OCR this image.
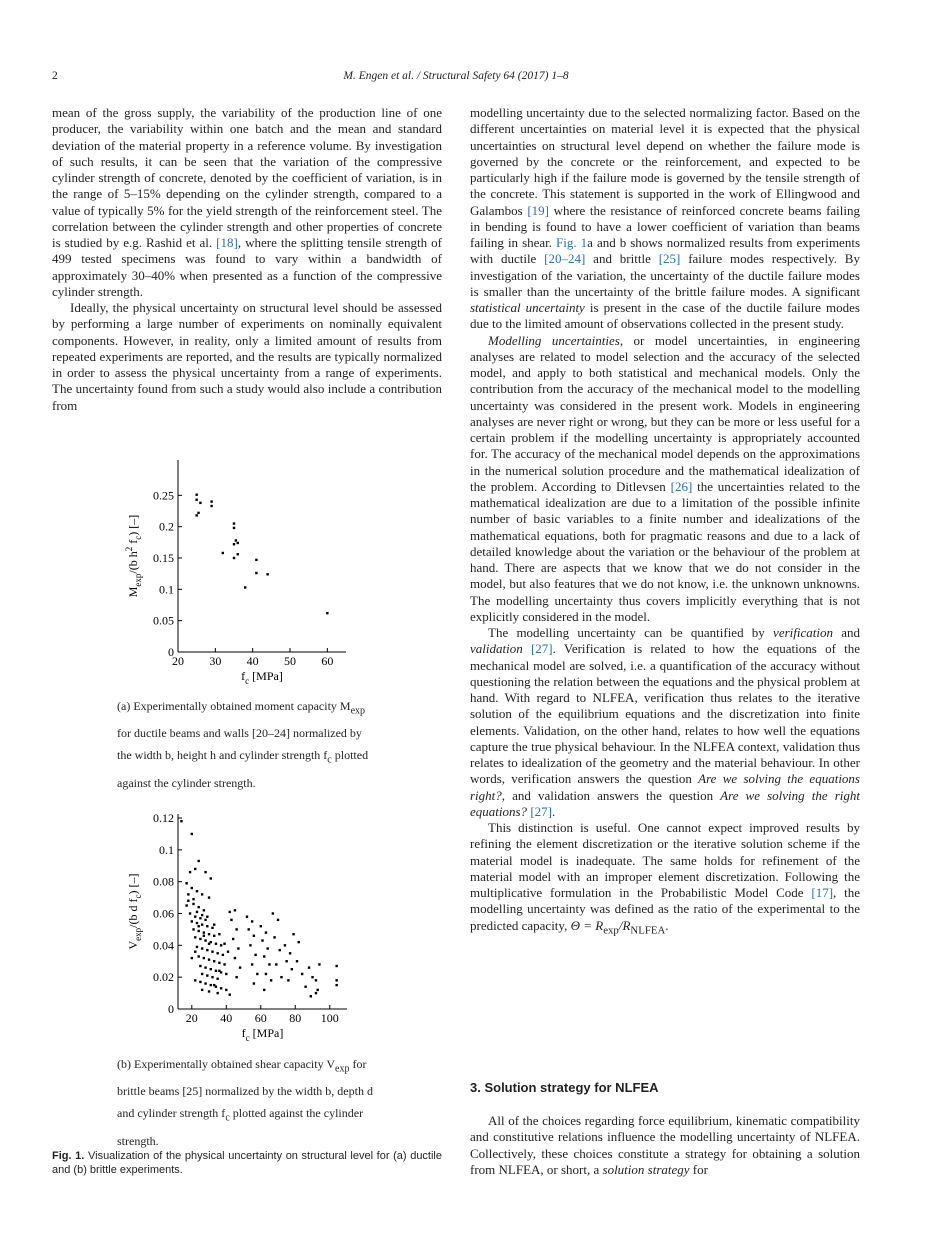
2	M. Engen et al. / Structural Safety 64 (2017) 1–8

mean of the gross supply, the variability of the production line of one producer, the variability within one batch and the mean and standard deviation of the material property in a reference volume. By investigation of such results, it can be seen that the variation of the compressive cylinder strength of concrete, denoted by the coefficient of variation, is in the range of 5–15% depending on the cylinder strength, compared to a value of typically 5% for the yield strength of the reinforcement steel. The correlation between the cylinder strength and other properties of concrete is studied by e.g. Rashid et al. [18], where the splitting tensile strength of 499 tested specimens was found to vary within a bandwidth of approximately 30–40% when presented as a function of the compressive cylinder strength.

Ideally, the physical uncertainty on structural level should be assessed by performing a large number of experiments on nominally equivalent components. However, in reality, only a limited amount of results from repeated experiments are reported, and the results are typically normalized in order to assess the physical uncertainty from a range of experiments. The uncertainty found from such a study would also include a contribution from

20 30 40 50 60
0
0.05
0.1
0.15
0.2
0.25
$f_c$ [MPa]
$M_{exp}/(b$ $h^2$ $f_c$) [–]
(a) Experimentally obtained moment capacity $M_{exp}$ for ductile beams and walls [20–24] normalized by the width b, height h and cylinder strength $f_c$ plotted against the cylinder strength.
20 40 60 80 100
0
0.02
0.04
0.06
0.08
0.1
0.12
$f_c$ [MPa]
$V_{exp}/(b$ d $f_c$) [–]
(b) Experimentally obtained shear capacity $V_{exp}$ for brittle beams [25] normalized by the width b, depth d and cylinder strength $f_c$ plotted against the cylinder strength.
Fig. 1. Visualization of the physical uncertainty on structural level for (a) ductile and (b) brittle experiments.

modelling uncertainty due to the selected normalizing factor. Based on the different uncertainties on material level it is expected that the physical uncertainties on structural level depend on whether the failure mode is governed by the concrete or the reinforcement, and expected to be particularly high if the failure mode is governed by the tensile strength of the concrete. This statement is supported in the work of Ellingwood and Galambos [19] where the resistance of reinforced concrete beams failing in bending is found to have a lower coefficient of variation than beams failing in shear. Fig. 1a and b shows normalized results from experiments with ductile [20–24] and brittle [25] failure modes respectively. By investigation of the variation, the uncertainty of the ductile failure modes is smaller than the uncertainty of the brittle failure modes. A significant statistical uncertainty is present in the case of the ductile failure modes due to the limited amount of observations collected in the present study.

Modelling uncertainties, or model uncertainties, in engineering analyses are related to model selection and the accuracy of the selected model, and apply to both statistical and mechanical models. Only the contribution from the accuracy of the mechanical model to the modelling uncertainty was considered in the present work. Models in engineering analyses are never right or wrong, but they can be more or less useful for a certain problem if the modelling uncertainty is appropriately accounted for. The accuracy of the mechanical model depends on the approximations in the numerical solution procedure and the mathematical idealization of the problem. According to Ditlevsen [26] the uncertainties related to the mathematical idealization are due to a limitation of the possible infinite number of basic variables to a finite number and idealizations of the mathematical equations, both for pragmatic reasons and due to a lack of detailed knowledge about the variation or the behaviour of the problem at hand. There are aspects that we know that we do not consider in the model, but also features that we do not know, i.e. the unknown unknowns. The modelling uncertainty thus covers implicitly everything that is not explicitly considered in the model.

The modelling uncertainty can be quantified by verification and validation [27]. Verification is related to how the equations of the mechanical model are solved, i.e. a quantification of the accuracy without questioning the relation between the equations and the physical problem at hand. With regard to NLFEA, verification thus relates to the iterative solution of the equilibrium equations and the discretization into finite elements. Validation, on the other hand, relates to how well the equations capture the true physical behaviour. In the NLFEA context, validation thus relates to idealization of the geometry and the material behaviour. In other words, verification answers the question Are we solving the equations right?, and validation answers the question Are we solving the right equations? [27].

This distinction is useful. One cannot expect improved results by refining the element discretization or the iterative solution scheme if the material model is inadequate. The same holds for refinement of the material model with an improper element discretization. Following the multiplicative formulation in the Probabilistic Model Code [17], the modelling uncertainty was defined as the ratio of the experimental to the predicted capacity, $\Theta = R_{exp}/R_{NLFEA}$.

3. Solution strategy for NLFEA

All of the choices regarding force equilibrium, kinematic compatibility and constitutive relations influence the modelling uncertainty of NLFEA. Collectively, these choices constitute a strategy for obtaining a solution from NLFEA, or short, a solution strategy for
